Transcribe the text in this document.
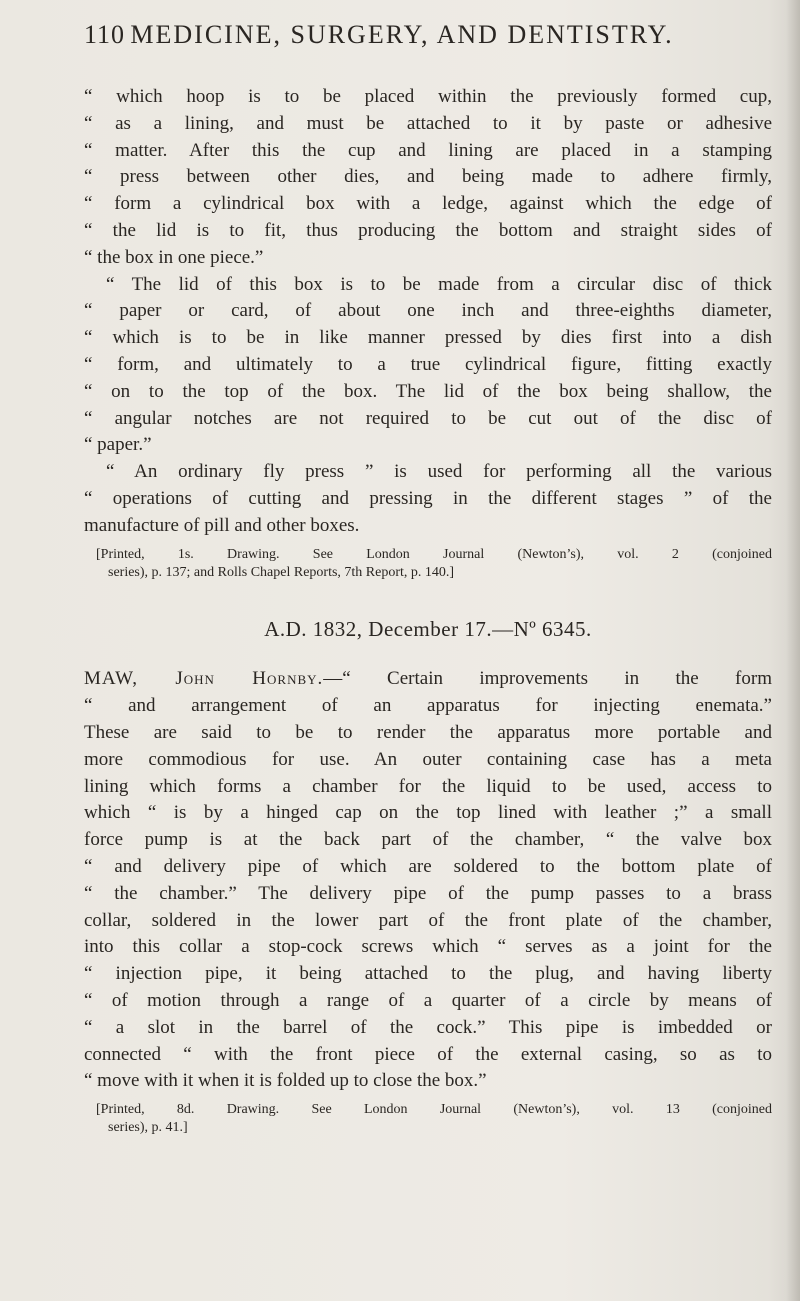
110 MEDICINE, SURGERY, AND DENTISTRY.
“ which hoop is to be placed within the previously formed cup,
“ as a lining, and must be attached to it by paste or adhesive
“ matter. After this the cup and lining are placed in a stamping
“ press between other dies, and being made to adhere firmly,
“ form a cylindrical box with a ledge, against which the edge of
“ the lid is to fit, thus producing the bottom and straight sides of
“ the box in one piece.”
“ The lid of this box is to be made from a circular disc of thick
“ paper or card, of about one inch and three-eighths diameter,
“ which is to be in like manner pressed by dies first into a dish
“ form, and ultimately to a true cylindrical figure, fitting exactly
“ on to the top of the box. The lid of the box being shallow, the
“ angular notches are not required to be cut out of the disc of
“ paper.”
“ An ordinary fly press ” is used for performing all the various
“ operations of cutting and pressing in the different stages ” of the
manufacture of pill and other boxes.
[Printed, 1s. Drawing. See London Journal (Newton’s), vol. 2 (conjoined
series), p. 137; and Rolls Chapel Reports, 7th Report, p. 140.]
A.D. 1832, December 17.—Nº 6345.
MAW, John Hornby.—“ Certain improvements in the form
“ and arrangement of an apparatus for injecting enemata.”
These are said to be to render the apparatus more portable and
more commodious for use. An outer containing case has a meta
lining which forms a chamber for the liquid to be used, access to
which “ is by a hinged cap on the top lined with leather ;” a small
force pump is at the back part of the chamber, “ the valve box
“ and delivery pipe of which are soldered to the bottom plate of
“ the chamber.” The delivery pipe of the pump passes to a brass
collar, soldered in the lower part of the front plate of the chamber,
into this collar a stop-cock screws which “ serves as a joint for the
“ injection pipe, it being attached to the plug, and having liberty
“ of motion through a range of a quarter of a circle by means of
“ a slot in the barrel of the cock.” This pipe is imbedded or
connected “ with the front piece of the external casing, so as to
“ move with it when it is folded up to close the box.”
[Printed, 8d. Drawing. See London Journal (Newton’s), vol. 13 (conjoined
series), p. 41.]
